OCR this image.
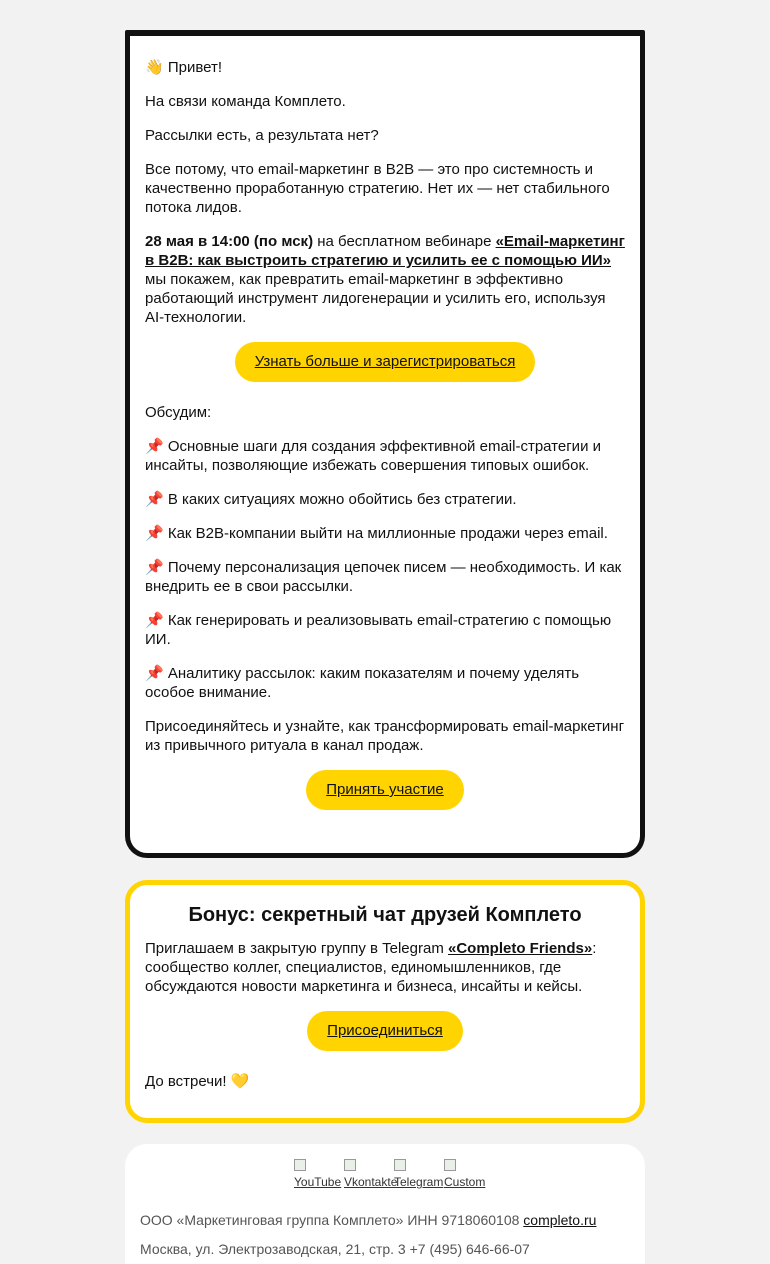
👋 Привет!

На связи команда Комплето.

Рассылки есть, а результата нет?

Все потому, что email-маркетинг в B2B — это про системность и качественно проработанную стратегию. Нет их — нет стабильного потока лидов.

28 мая в 14:00 (по мск) на бесплатном вебинаре «Email-маркетинг в B2B: как выстроить стратегию и усилить ее с помощью ИИ» мы покажем, как превратить email-маркетинг в эффективно работающий инструмент лидогенерации и усилить его, используя AI-технологии.

Узнать больше и зарегистрироваться

Обсудим:

📌 Основные шаги для создания эффективной email-стратегии и инсайты, позволяющие избежать совершения типовых ошибок.

📌 В каких ситуациях можно обойтись без стратегии.

📌 Как B2B-компании выйти на миллионные продажи через email.

📌 Почему персонализация цепочек писем — необходимость. И как внедрить ее в свои рассылки.

📌 Как генерировать и реализовывать email-стратегию с помощью ИИ.

📌 Аналитику рассылок: каким показателям и почему уделять особое внимание.

Присоединяйтесь и узнайте, как трансформировать email-маркетинг из привычного ритуала в канал продаж.

Принять участие
Бонус: секретный чат друзей Комплето

Приглашаем в закрытую группу в Telegram «Completo Friends»: сообщество коллег, специалистов, единомышленников, где обсуждаются новости маркетинга и бизнеса, инсайты и кейсы.

Присоединиться

До встречи! 💛

YouTube Vkontakte
Telegram Custom
ООО «Маркетинговая группа Комплето» ИНН 9718060108 completo.ru
Москва, ул. Электрозаводская, 21, стр. 3 +7 (495) 646-66-07
